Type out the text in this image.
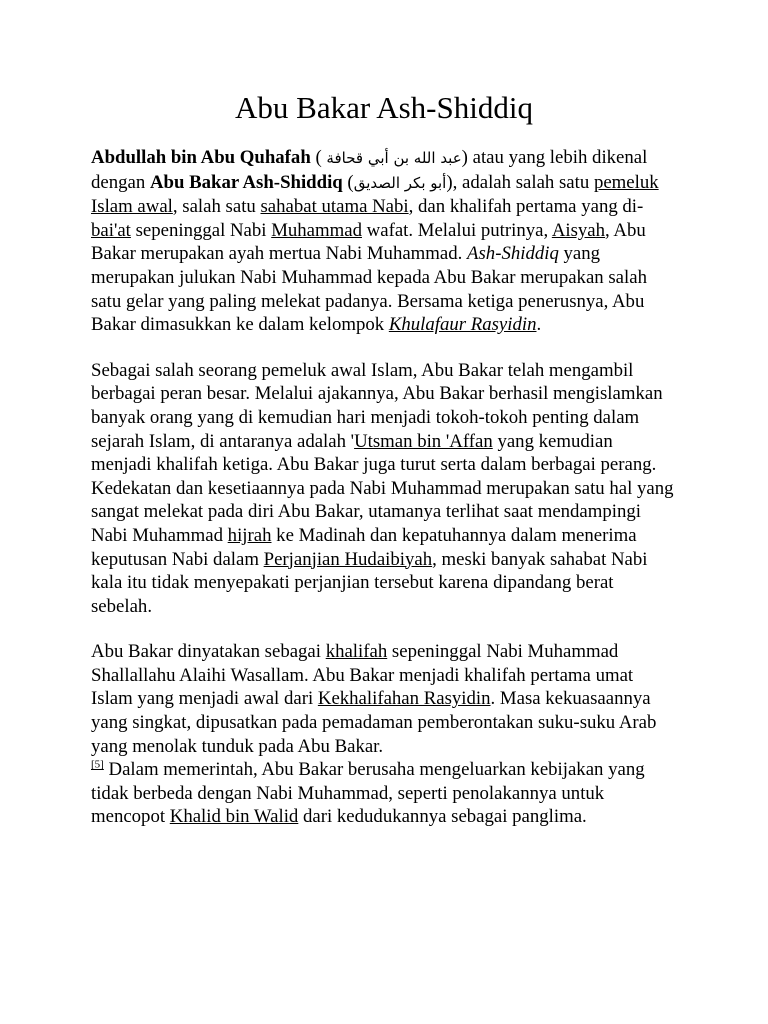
Abu Bakar Ash-Shiddiq

Abdullah bin Abu Quhafah ( عبد الله بن أبي قحافة) atau yang lebih dikenal dengan Abu Bakar Ash-Shiddiq (أبو بكر الصديق), adalah salah satu pemeluk Islam awal, salah satu sahabat utama Nabi, dan khalifah pertama yang di-bai'at sepeninggal Nabi Muhammad wafat. Melalui putrinya, Aisyah, Abu Bakar merupakan ayah mertua Nabi Muhammad. Ash-Shiddiq yang merupakan julukan Nabi Muhammad kepada Abu Bakar merupakan salah satu gelar yang paling melekat padanya. Bersama ketiga penerusnya, Abu Bakar dimasukkan ke dalam kelompok Khulafaur Rasyidin.

Sebagai salah seorang pemeluk awal Islam, Abu Bakar telah mengambil berbagai peran besar. Melalui ajakannya, Abu Bakar berhasil mengislamkan banyak orang yang di kemudian hari menjadi tokoh-tokoh penting dalam sejarah Islam, di antaranya adalah 'Utsman bin 'Affan yang kemudian menjadi khalifah ketiga. Abu Bakar juga turut serta dalam berbagai perang. Kedekatan dan kesetiaannya pada Nabi Muhammad merupakan satu hal yang sangat melekat pada diri Abu Bakar, utamanya terlihat saat mendampingi Nabi Muhammad hijrah ke Madinah dan kepatuhannya dalam menerima keputusan Nabi dalam Perjanjian Hudaibiyah, meski banyak sahabat Nabi kala itu tidak menyepakati perjanjian tersebut karena dipandang berat sebelah.

Abu Bakar dinyatakan sebagai khalifah sepeninggal Nabi Muhammad Shallallahu Alaihi Wasallam. Abu Bakar menjadi khalifah pertama umat Islam yang menjadi awal dari Kekhalifahan Rasyidin. Masa kekuasaannya yang singkat, dipusatkan pada pemadaman pemberontakan suku-suku Arab yang menolak tunduk pada Abu Bakar.
[5] Dalam memerintah, Abu Bakar berusaha mengeluarkan kebijakan yang tidak berbeda dengan Nabi Muhammad, seperti penolakannya untuk mencopot Khalid bin Walid dari kedudukannya sebagai panglima.
